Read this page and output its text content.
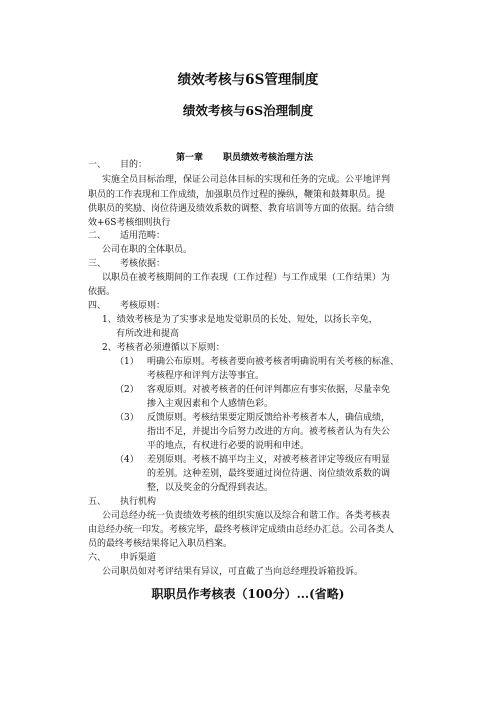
绩效考核与6S管理制度
绩效考核与6S治理制度
第一章 职员绩效考核治理方法
一、 目的：
实施全员目标治理，保证公司总体目标的实现和任务的完成。公平地评判
职员的工作表现和工作成绩，加强职员作过程的操纵，鞭策和鼓舞职员。提
供职员的奖励、岗位待遇及绩效系数的调整、教育培训等方面的依据。结合绩
效+6S考核细则执行
二、 适用范畴：
公司在职的全体职员。
三、 考核依据：
以职员在被考核期间的工作表现（工作过程）与工作成果（工作结果）为
依据。
四、 考核原则：
1、绩效考核是为了实事求是地发觉职员的长处、短处，以扬长辛免，
有所改进和提高
2、考核者必须遵循以下原则：
（1） 明确公布原则。考核者要向被考核者明确说明有关考核的标准、
考核程序和评判方法等事宜。
（2） 客观原则。对被考核者的任何评判都应有事实依据，尽量幸免
掺入主观因素和个人感情色彩。
（3） 反馈原则。考核结果要定期反馈给补考核者本人，确信成绩，
指出不足，并提出今后努力改进的方向。被考核者认为有失公
平的地点，有权进行必要的说明和申述。
（4） 差别原则。考核不搞平均主义，对被考核者评定等级应有明显
的差别。这种差别，最终要通过岗位待遇、岗位绩效系数的调
整，以及奖金的分配得到表达。
五、 执行机构
公司总经办统一负责绩效考核的组织实施以及综合和谐工作。各类考核表
由总经办统一印发。考核完毕，最终考核评定成绩由总经办汇总。公司各类人
员的最终考核结果将记入职员档案。
六、 申诉渠道
公司职员如对考评结果有异议，可直截了当向总经理投诉箱投诉。
职职员作考核表（100分）...(省略)
